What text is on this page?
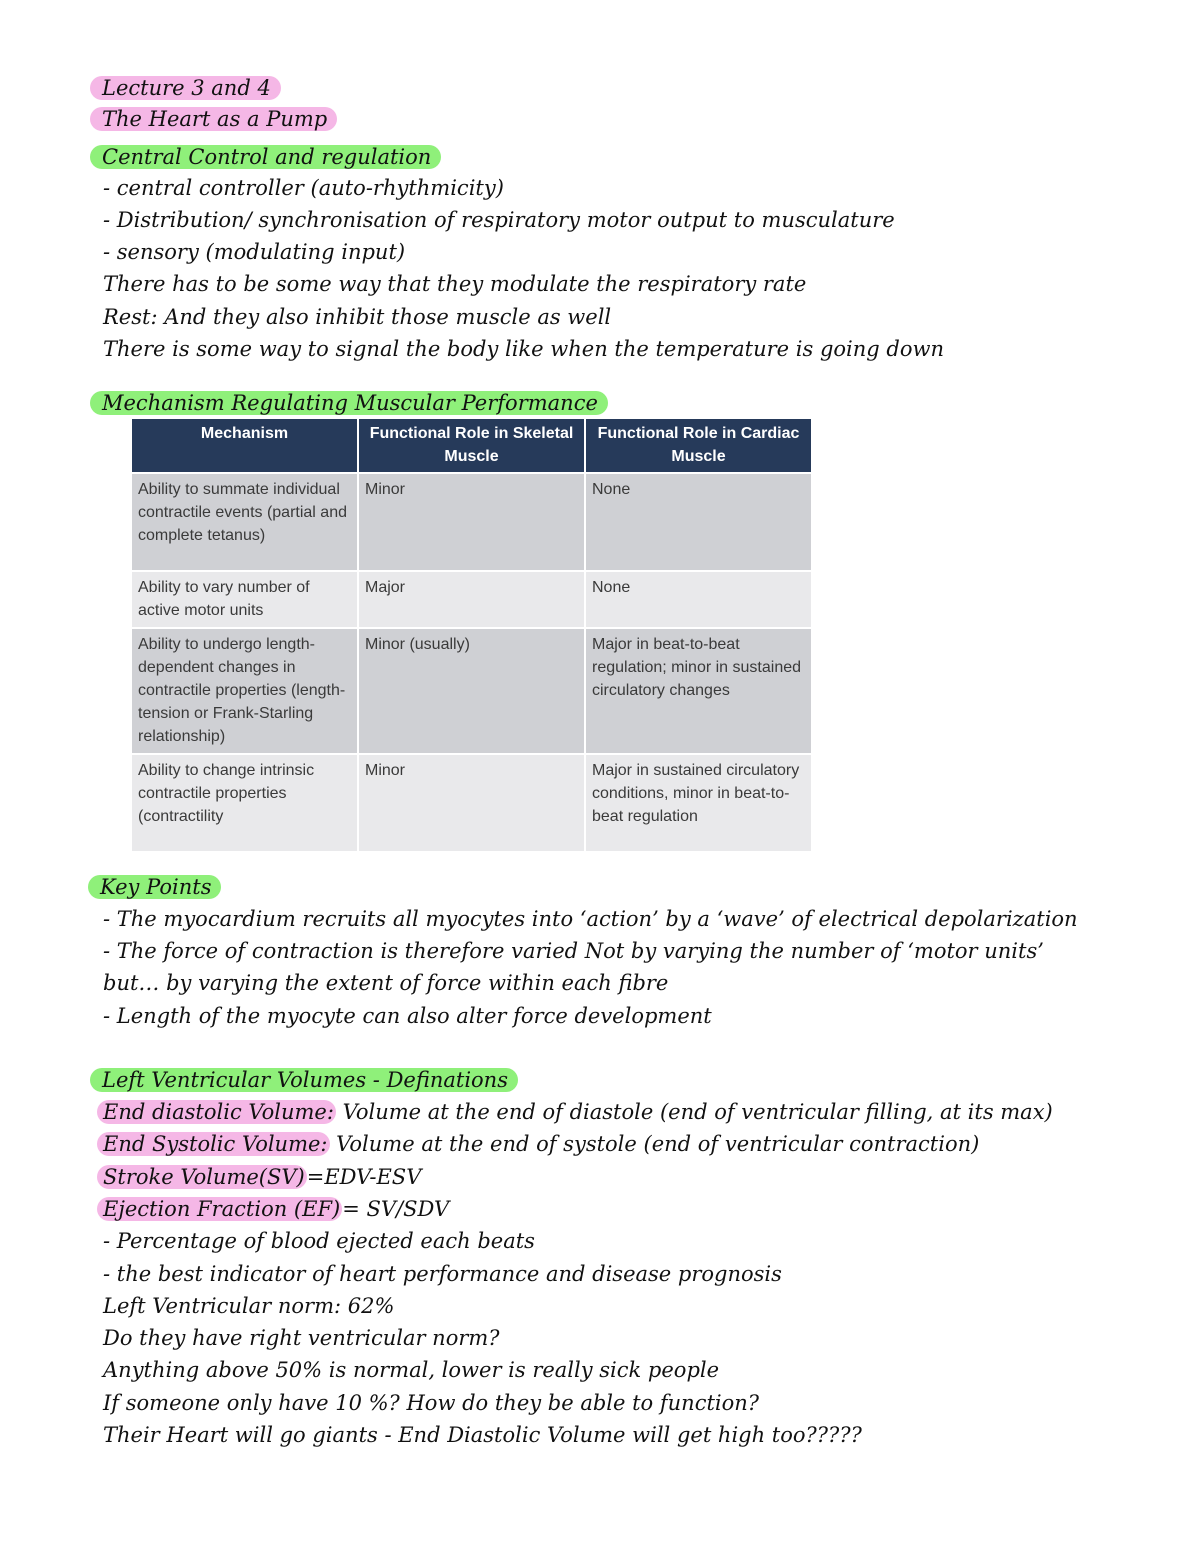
Lecture 3 and 4
The Heart as a Pump
Central Control and regulation
- central controller (auto-rhythmicity)
- Distribution/ synchronisation of respiratory motor output to musculature
- sensory (modulating input)
There has to be some way that they modulate the respiratory rate
Rest: And they also inhibit those muscle as well
There is some way to signal the body like when the temperature is going down
Mechanism Regulating Muscular Performance
Mechanism	Functional Role in Skeletal Muscle	Functional Role in Cardiac Muscle
Ability to summate individual contractile events (partial and complete tetanus)	Minor	None
Ability to vary number of active motor units	Major	None
Ability to undergo length-dependent changes in contractile properties (length-tension or Frank-Starling relationship)	Minor (usually)	Major in beat-to-beat regulation; minor in sustained circulatory changes
Ability to change intrinsic contractile properties (contractility	Minor	Major in sustained circulatory conditions, minor in beat-to-beat regulation
Key Points
- The myocardium recruits all myocytes into ‘action’ by a ‘wave’ of electrical depolarization
- The force of contraction is therefore varied Not by varying the number of ‘motor units’
but… by varying the extent of force within each fibre
- Length of the myocyte can also alter force development
Left Ventricular Volumes - Definations
End diastolic Volume: Volume at the end of diastole (end of ventricular filling, at its max)
End Systolic Volume: Volume at the end of systole (end of ventricular contraction)
Stroke Volume(SV)=EDV-ESV
Ejection Fraction (EF)= SV/SDV
- Percentage of blood ejected each beats
- the best indicator of heart performance and disease prognosis
Left Ventricular norm: 62%
Do they have right ventricular norm?
Anything above 50% is normal, lower is really sick people
If someone only have 10 %? How do they be able to function?
Their Heart will go giants - End Diastolic Volume will get high too?????
